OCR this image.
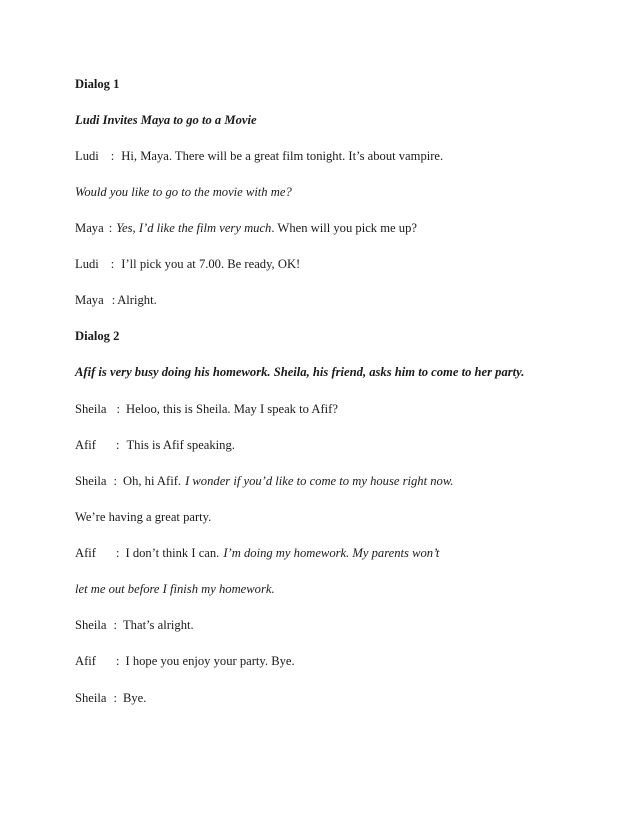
Dialog 1
Ludi Invites Maya to go to a Movie
Ludi : Hi, Maya. There will be a great film tonight. It’s about vampire.
Would you like to go to the movie with me?
Maya : Yes, I’d like the film very much. When will you pick me up?
Ludi : I’ll pick you at 7.00. Be ready, OK!
Maya : Alright.
Dialog 2
Afif is very busy doing his homework. Sheila, his friend, asks him to come to her party.
Sheila : Heloo, this is Sheila. May I speak to Afif?
Afif : This is Afif speaking.
Sheila : Oh, hi Afif. I wonder if you’d like to come to my house right now.
We’re having a great party.
Afif : I don’t think I can. I’m doing my homework. My parents won’t
let me out before I finish my homework.
Sheila : That’s alright.
Afif : I hope you enjoy your party. Bye.
Sheila : Bye.
